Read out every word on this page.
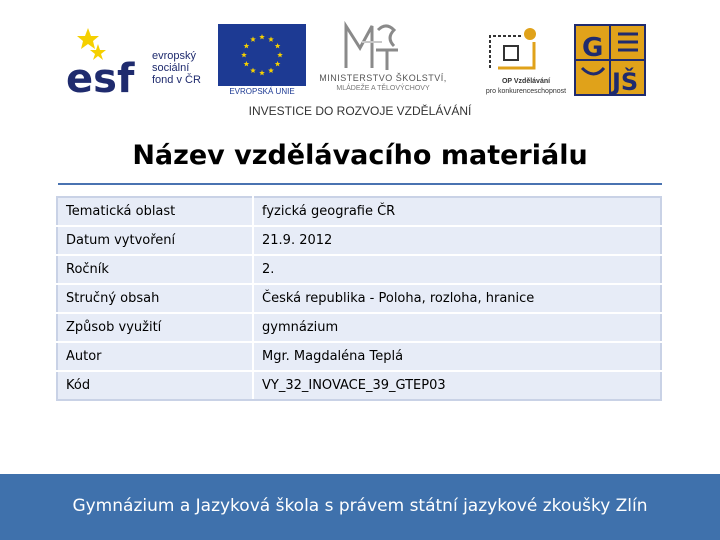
esf evropský
sociální
fond v ČR
EVROPSKÁ UNIE
MINISTERSTVO ŠKOLSTVÍ,
MLÁDEŽE A TĚLOVÝCHOVY
OP Vzdělávání
pro konkurenceschopnost
G
JŠ
INVESTICE DO ROZVOJE VZDĚLÁVÁNÍ
Název vzdělávacího materiálu
Tematická oblast	fyzická geografie ČR
Datum vytvoření	21.9. 2012
Ročník	2.
Stručný obsah	Česká republika - Poloha, rozloha, hranice
Způsob využití	gymnázium
Autor	Mgr. Magdaléna Teplá
Kód	VY_32_INOVACE_39_GTEP03
Gymnázium a Jazyková škola s právem státní jazykové zkoušky Zlín
